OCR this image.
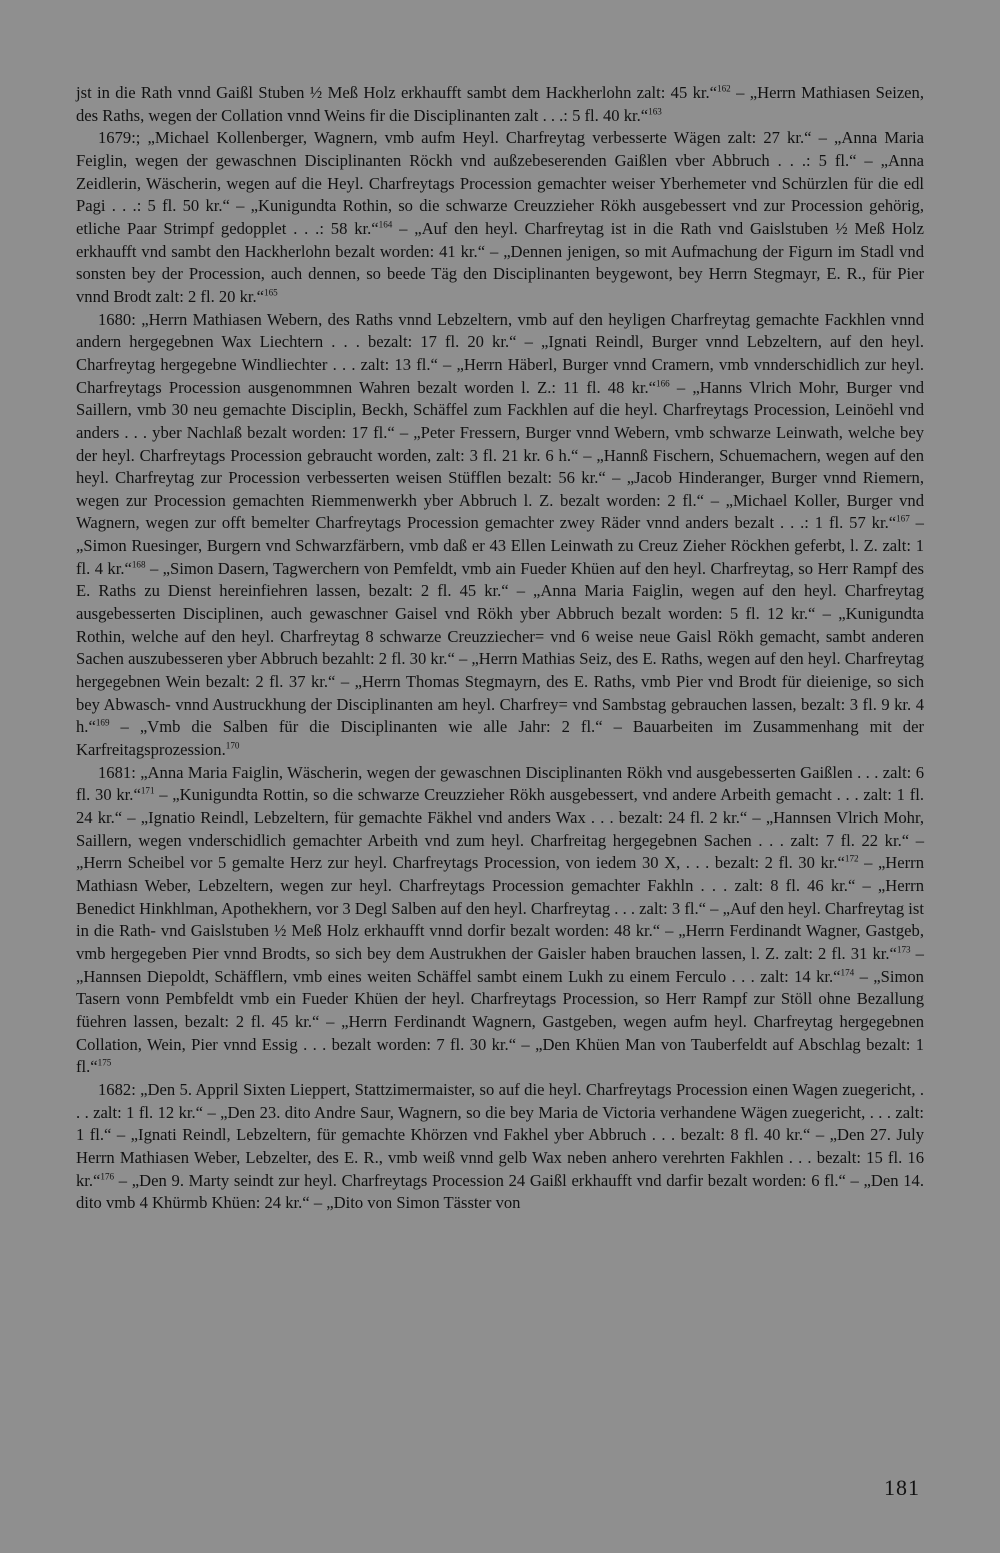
jst in die Rath vnnd Gaißl Stuben ½ Meß Holz erkhaufft sambt dem Hackherlohn zalt: 45 kr.“$^{162}$ – „Herrn Mathiasen Seizen, des Raths, wegen der Collation vnnd Weins fir die Disciplinanten zalt . . .: 5 fl. 40 kr.“$^{163}$

1679:; „Michael Kollenberger, Wagnern, vmb aufm Heyl. Charfreytag verbesserte Wägen zalt: 27 kr.“ – „Anna Maria Feiglin, wegen der gewaschnen Disciplinanten Röckh vnd außzebeserenden Gaißlen vber Abbruch . . .: 5 fl.“ – „Anna Zeidlerin, Wäscherin, wegen auf die Heyl. Charfreytags Procession gemachter weiser Yberhemeter vnd Schürzlen für die edl Pagi . . .: 5 fl. 50 kr.“ – „Kunigundta Rothin, so die schwarze Creuzzieher Rökh ausgebessert vnd zur Procession gehörig, etliche Paar Strimpf gedopplet . . .: 58 kr.“$^{164}$ – „Auf den heyl. Charfreytag ist in die Rath vnd Gaislstuben ½ Meß Holz erkhaufft vnd sambt den Hackherlohn bezalt worden: 41 kr.“ – „Dennen jenigen, so mit Aufmachung der Figurn im Stadl vnd sonsten bey der Procession, auch dennen, so beede Täg den Disciplinanten beygewont, bey Herrn Stegmayr, E. R., für Pier vnnd Brodt zalt: 2 fl. 20 kr.“$^{165}$

1680: „Herrn Mathiasen Webern, des Raths vnnd Lebzeltern, vmb auf den heyligen Charfreytag gemachte Fackhlen vnnd andern hergegebnen Wax Liechtern . . . bezalt: 17 fl. 20 kr.“ – „Ignati Reindl, Burger vnnd Lebzeltern, auf den heyl. Charfreytag hergegebne Windliechter . . . zalt: 13 fl.“ – „Herrn Häberl, Burger vnnd Cramern, vmb vnnderschidlich zur heyl. Charfreytags Procession ausgenommnen Wahren bezalt worden l. Z.: 11 fl. 48 kr.“$^{166}$ – „Hanns Vlrich Mohr, Burger vnd Saillern, vmb 30 neu gemachte Disciplin, Beckh, Schäffel zum Fackhlen auf die heyl. Charfreytags Procession, Leinöehl vnd anders . . . yber Nachlaß bezalt worden: 17 fl.“ – „Peter Fressern, Burger vnnd Webern, vmb schwarze Leinwath, welche bey der heyl. Charfreytags Procession gebraucht worden, zalt: 3 fl. 21 kr. 6 h.“ – „Hannß Fischern, Schuemachern, wegen auf den heyl. Charfreytag zur Procession verbesserten weisen Stüfflen bezalt: 56 kr.“ – „Jacob Hinderanger, Burger vnnd Riemern, wegen zur Procession gemachten Riemmenwerkh yber Abbruch l. Z. bezalt worden: 2 fl.“ – „Michael Koller, Burger vnd Wagnern, wegen zur offt bemelter Charfreytags Procession gemachter zwey Räder vnnd anders bezalt . . .: 1 fl. 57 kr.“$^{167}$ – „Simon Ruesinger, Burgern vnd Schwarzfärbern, vmb daß er 43 Ellen Leinwath zu Creuz Zieher Röckhen geferbt, l. Z. zalt: 1 fl. 4 kr.“$^{168}$ – „Simon Dasern, Tagwerchern von Pemfeldt, vmb ain Fueder Khüen auf den heyl. Charfreytag, so Herr Rampf des E. Raths zu Dienst hereinfiehren lassen, bezalt: 2 fl. 45 kr.“ – „Anna Maria Faiglin, wegen auf den heyl. Charfreytag ausgebesserten Disciplinen, auch gewaschner Gaisel vnd Rökh yber Abbruch bezalt worden: 5 fl. 12 kr.“ – „Kunigundta Rothin, welche auf den heyl. Charfreytag 8 schwarze Creuzziecher= vnd 6 weise neue Gaisl Rökh gemacht, sambt anderen Sachen auszubesseren yber Abbruch bezahlt: 2 fl. 30 kr.“ – „Herrn Mathias Seiz, des E. Raths, wegen auf den heyl. Charfreytag hergegebnen Wein bezalt: 2 fl. 37 kr.“ – „Herrn Thomas Stegmayrn, des E. Raths, vmb Pier vnd Brodt für dieienige, so sich bey Abwasch- vnnd Austruckhung der Disciplinanten am heyl. Charfrey= vnd Sambstag gebrauchen lassen, bezalt: 3 fl. 9 kr. 4 h.“$^{169}$ – „Vmb die Salben für die Disciplinanten wie alle Jahr: 2 fl.“ – Bauarbeiten im Zusammenhang mit der Karfreitagsprozession.$^{170}$

1681: „Anna Maria Faiglin, Wäscherin, wegen der gewaschnen Disciplinanten Rökh vnd ausgebesserten Gaißlen . . . zalt: 6 fl. 30 kr.“$^{171}$ – „Kunigundta Rottin, so die schwarze Creuzzieher Rökh ausgebessert, vnd andere Arbeith gemacht . . . zalt: 1 fl. 24 kr.“ – „Ignatio Reindl, Lebzeltern, für gemachte Fäkhel vnd anders Wax . . . bezalt: 24 fl. 2 kr.“ – „Hannsen Vlrich Mohr, Saillern, wegen vnderschidlich gemachter Arbeith vnd zum heyl. Charfreitag hergegebnen Sachen . . . zalt: 7 fl. 22 kr.“ – „Herrn Scheibel vor 5 gemalte Herz zur heyl. Charfreytags Procession, von iedem 30 X, . . . bezalt: 2 fl. 30 kr.“$^{172}$ – „Herrn Mathiasn Weber, Lebzeltern, wegen zur heyl. Charfreytags Procession gemachter Fakhln . . . zalt: 8 fl. 46 kr.“ – „Herrn Benedict Hinkhlman, Apothekhern, vor 3 Degl Salben auf den heyl. Charfreytag . . . zalt: 3 fl.“ – „Auf den heyl. Charfreytag ist in die Rath- vnd Gaislstuben ½ Meß Holz erkhaufft vnnd dorfir bezalt worden: 48 kr.“ – „Herrn Ferdinandt Wagner, Gastgeb, vmb hergegeben Pier vnnd Brodts, so sich bey dem Austrukhen der Gaisler haben brauchen lassen, l. Z. zalt: 2 fl. 31 kr.“$^{173}$ – „Hannsen Diepoldt, Schäfflern, vmb eines weiten Schäffel sambt einem Lukh zu einem Ferculo . . . zalt: 14 kr.“$^{174}$ – „Simon Tasern vonn Pembfeldt vmb ein Fueder Khüen der heyl. Charfreytags Procession, so Herr Rampf zur Stöll ohne Bezallung füehren lassen, bezalt: 2 fl. 45 kr.“ – „Herrn Ferdinandt Wagnern, Gastgeben, wegen aufm heyl. Charfreytag hergegebnen Collation, Wein, Pier vnnd Essig . . . bezalt worden: 7 fl. 30 kr.“ – „Den Khüen Man von Tauberfeldt auf Abschlag bezalt: 1 fl.“$^{175}$

1682: „Den 5. Appril Sixten Lieppert, Stattzimermaister, so auf die heyl. Charfreytags Procession einen Wagen zuegericht, . . . zalt: 1 fl. 12 kr.“ – „Den 23. dito Andre Saur, Wagnern, so die bey Maria de Victoria verhandene Wägen zuegericht, . . . zalt: 1 fl.“ – „Ignati Reindl, Lebzeltern, für gemachte Khörzen vnd Fakhel yber Abbruch . . . bezalt: 8 fl. 40 kr.“ – „Den 27. July Herrn Mathiasen Weber, Lebzelter, des E. R., vmb weiß vnnd gelb Wax neben anhero verehrten Fakhlen . . . bezalt: 15 fl. 16 kr.“$^{176}$ – „Den 9. Marty seindt zur heyl. Charfreytags Procession 24 Gaißl erkhaufft vnd darfir bezalt worden: 6 fl.“ – „Den 14. dito vmb 4 Khürmb Khüen: 24 kr.“ – „Dito von Simon Tässter von

181
